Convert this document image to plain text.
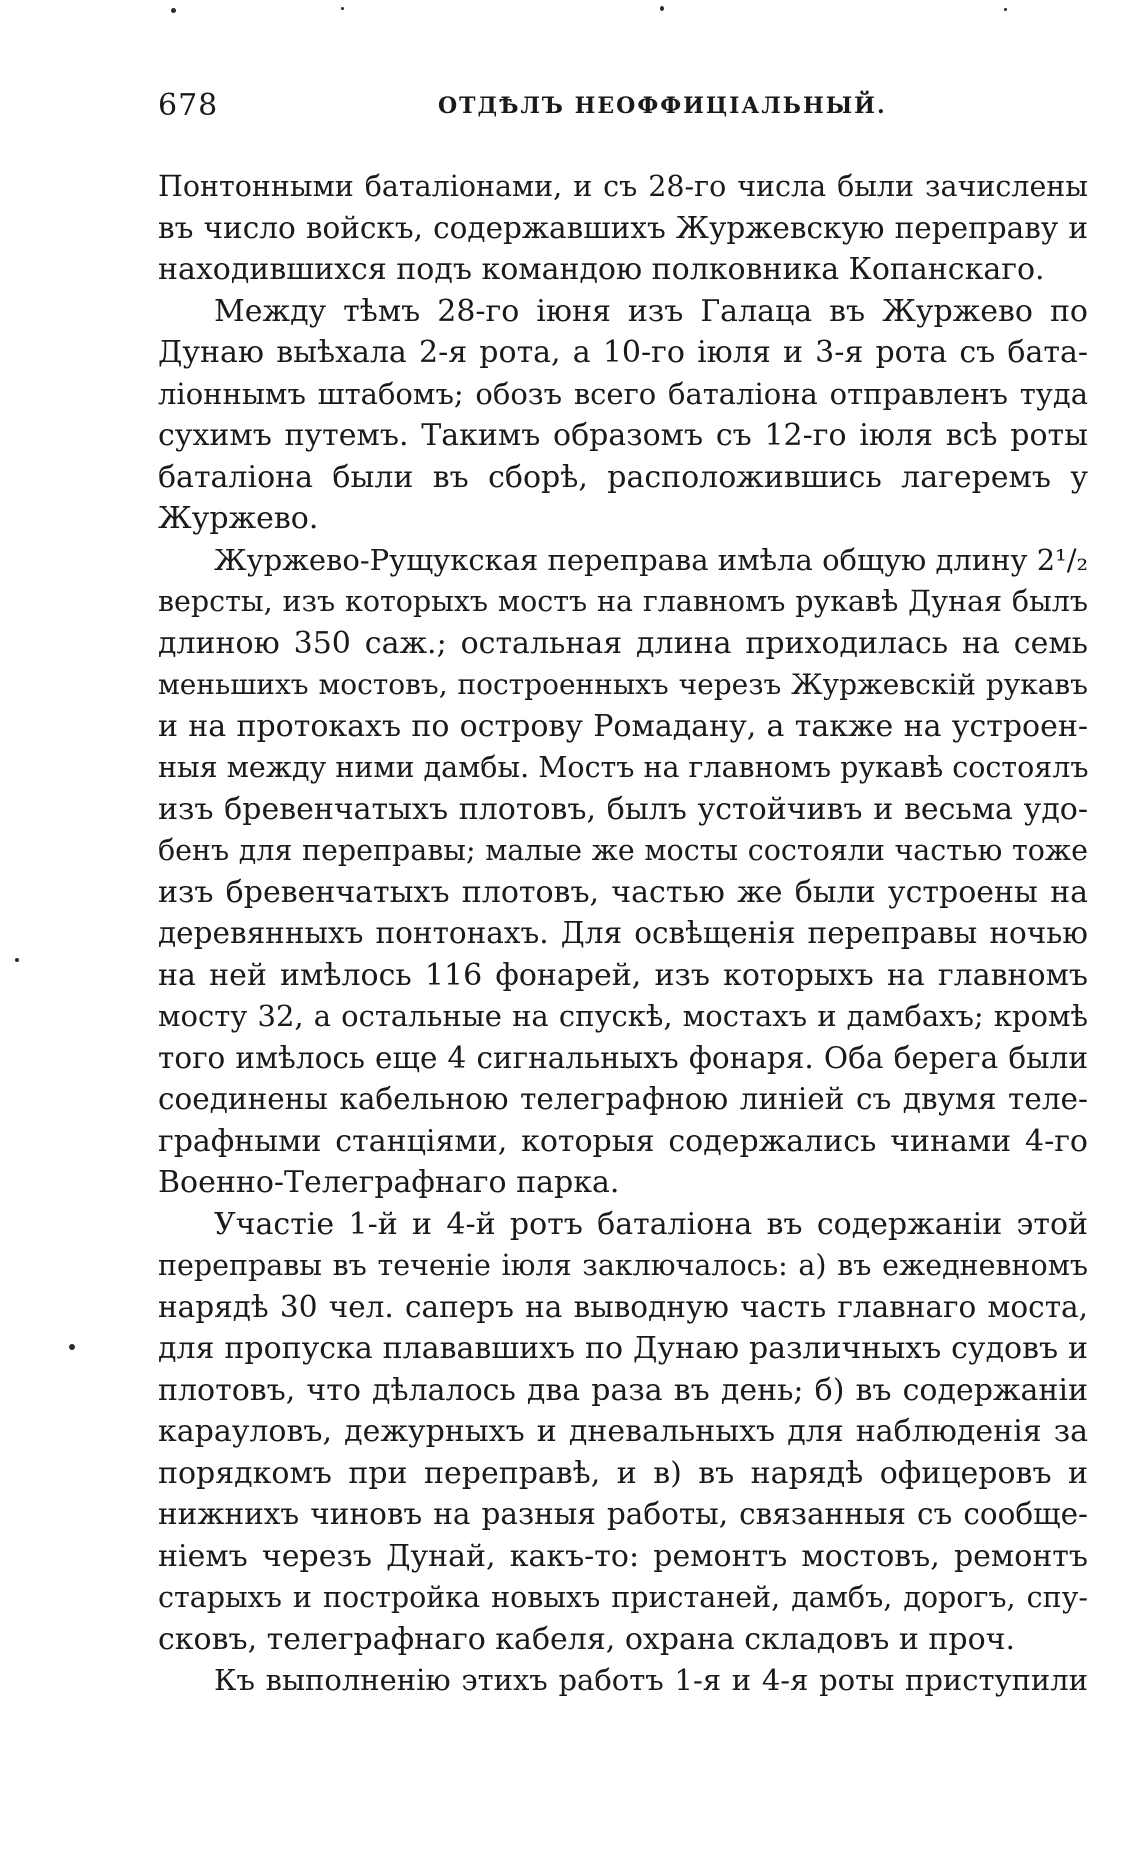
678	ОТДѢЛЪ НЕОФФИЦІАЛЬНЫЙ.
Понтонными баталіонами, и съ 28-го числа были зачислены
въ число войскъ, содержавшихъ Журжевскую переправу и
находившихся подъ командою полковника Копанскаго.
Между тѣмъ 28-го іюня изъ Галаца въ Журжево по
Дунаю выѣхала 2-я рота, а 10-го іюля и 3-я рота съ бата-
ліоннымъ штабомъ; обозъ всего баталіона отправленъ туда
сухимъ путемъ. Такимъ образомъ съ 12-го іюля всѣ роты
баталіона были въ сборѣ, расположившись лагеремъ у
Журжево.
Журжево-Рущукская переправа имѣла общую длину 2¹/₂
версты, изъ которыхъ мостъ на главномъ рукавѣ Дуная былъ
длиною 350 саж.; остальная длина приходилась на семь
меньшихъ мостовъ, построенныхъ черезъ Журжевскій рукавъ
и на протокахъ по острову Ромадану, а также на устроен-
ныя между ними дамбы. Мостъ на главномъ рукавѣ состоялъ
изъ бревенчатыхъ плотовъ, былъ устойчивъ и весьма удо-
бенъ для переправы; малые же мосты состояли частью тоже
изъ бревенчатыхъ плотовъ, частью же были устроены на
деревянныхъ понтонахъ. Для освѣщенія переправы ночью
на ней имѣлось 116 фонарей, изъ которыхъ на главномъ
мосту 32, а остальные на спускѣ, мостахъ и дамбахъ; кромѣ
того имѣлось еще 4 сигнальныхъ фонаря. Оба берега были
соединены кабельною телеграфною линіей съ двумя теле-
графными станціями, которыя содержались чинами 4-го
Военно-Телеграфнаго парка.
Участіе 1-й и 4-й ротъ баталіона въ содержаніи этой
переправы въ теченіе іюля заключалось: а) въ ежедневномъ
нарядѣ 30 чел. саперъ на выводную часть главнаго моста,
для пропуска плававшихъ по Дунаю различныхъ судовъ и
плотовъ, что дѣлалось два раза въ день; б) въ содержаніи
карауловъ, дежурныхъ и дневальныхъ для наблюденія за
порядкомъ при переправѣ, и в) въ нарядѣ офицеровъ и
нижнихъ чиновъ на разныя работы, связанныя съ сообще-
ніемъ черезъ Дунай, какъ-то: ремонтъ мостовъ, ремонтъ
старыхъ и постройка новыхъ пристаней, дамбъ, дорогъ, спу-
сковъ, телеграфнаго кабеля, охрана складовъ и проч.
Къ выполненію этихъ работъ 1-я и 4-я роты приступили
